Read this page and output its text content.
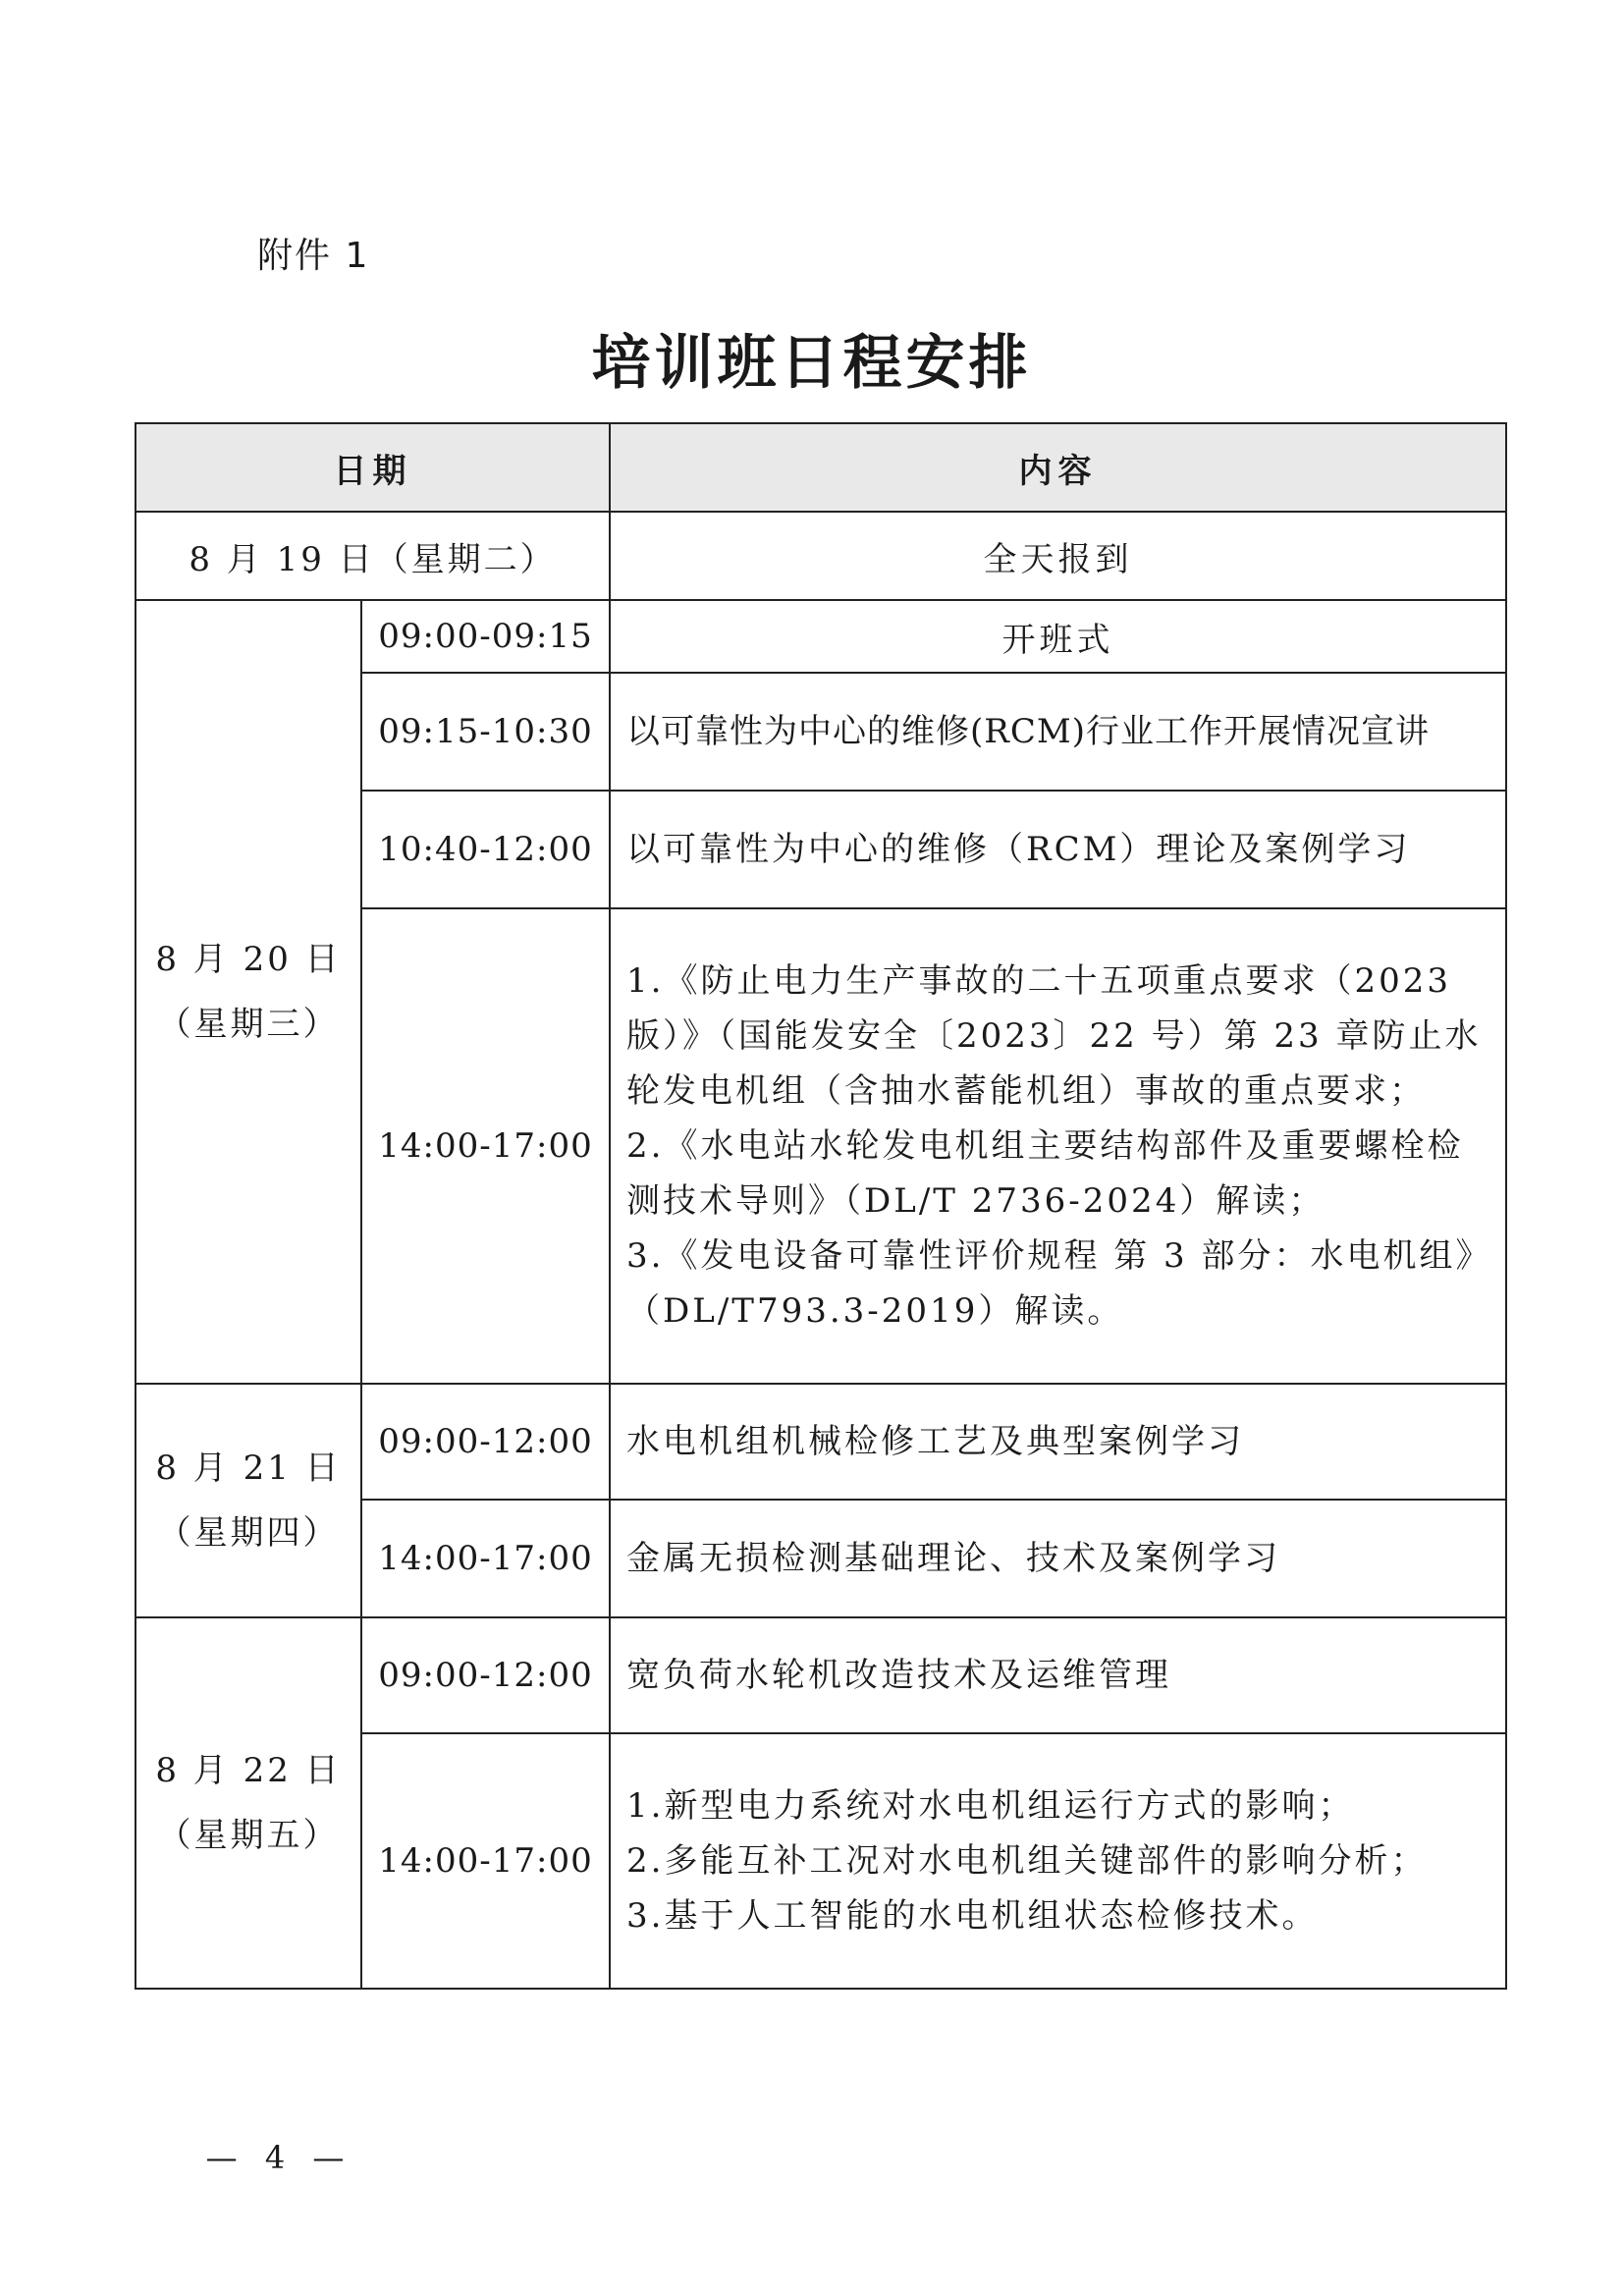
附件 1
培训班日程安排
日期		内容
8 月 19 日（星期二）		全天报到

8 月 20 日
（星期三）	09:00-09:15	开班式
	09:15-10:30	以可靠性为中心的维修(RCM)行业工作开展情况宣讲
	10:40-12:00	以可靠性为中心的维修（RCM）理论及案例学习
	14:00-17:00	1.《防止电力生产事故的二十五项重点要求（2023版）》（国能发安全〔2023〕22 号）第 23 章防止水轮发电机组（含抽水蓄能机组）事故的重点要求；
2.《水电站水轮发电机组主要结构部件及重要螺栓检测技术导则》（DL/T 2736-2024）解读；
3.《发电设备可靠性评价规程 第 3 部分：水电机组》（DL/T793.3-2019）解读。

8 月 21 日
（星期四）	09:00-12:00	水电机组机械检修工艺及典型案例学习
	14:00-17:00	金属无损检测基础理论、技术及案例学习

8 月 22 日
（星期五）	09:00-12:00	宽负荷水轮机改造技术及运维管理
	14:00-17:00	1.新型电力系统对水电机组运行方式的影响；
2.多能互补工况对水电机组关键部件的影响分析；
3.基于人工智能的水电机组状态检修技术。
— 4 —
